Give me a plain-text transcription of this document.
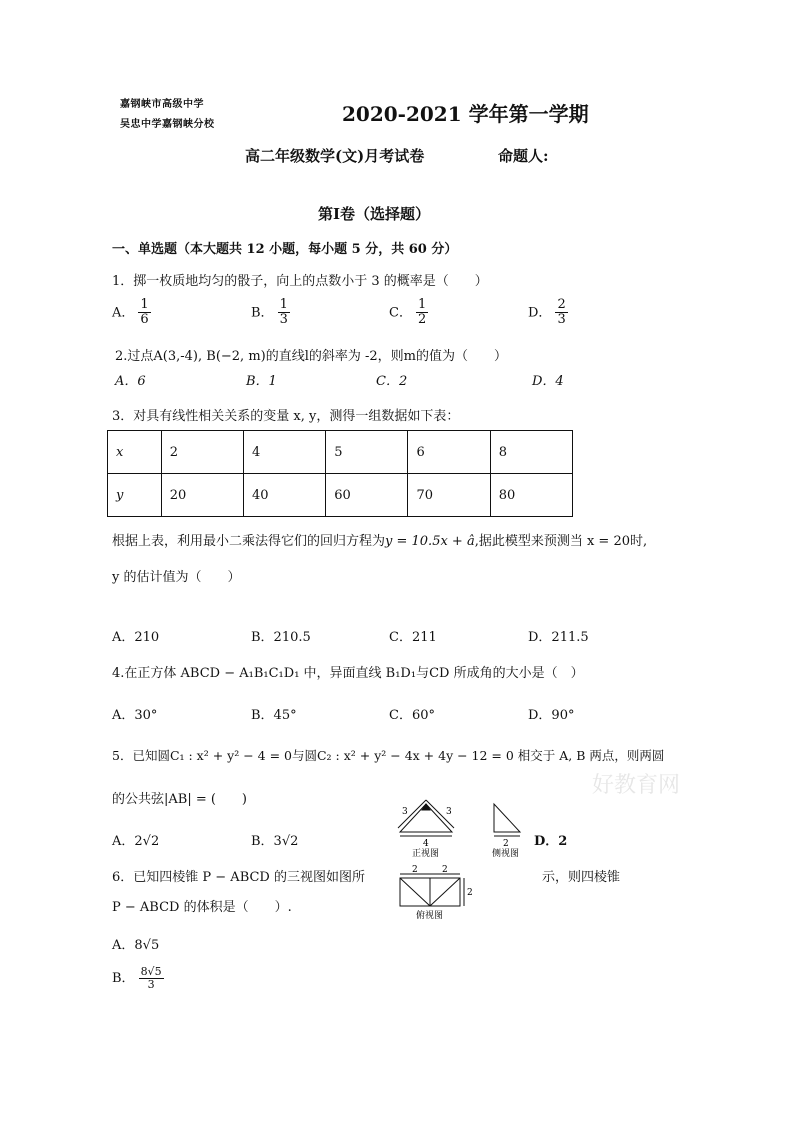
嘉钢峡市高级中学
吴忠中学嘉钢峡分校	2020-2021 学年第一学期
高二年级数学(文)月考试卷	命题人:
第Ⅰ卷（选择题）
一、单选题（本大题共 12 小题，每小题 5 分，共 60 分）
1．掷一枚质地均匀的骰子，向上的点数小于 3 的概率是（　　）
A． $\frac{1}{6}$	B． $\frac{1}{3}$	C． $\frac{1}{2}$	D． $\frac{2}{3}$
2.过点A(3,-4), B(−2, m)的直线l的斜率为 -2，则m的值为（　　）
A．6	B．1	C．2	D．4
3．对具有线性相关关系的变量 x, y，测得一组数据如下表：
x	2	4	5	6	8
y	20	40	60	70	80
根据上表，利用最小二乘法得它们的回归方程为y = 10.5x + â,据此模型来预测当 x = 20时,
y 的估计值为（　　）
A．210	B．210.5	C．211	D．211.5
4.在正方体 ABCD − A₁B₁C₁D₁ 中，异面直线 B₁D₁与CD 所成角的大小是（　）
A．30°	B．45°	C．60°	D．90°
5．已知圆C₁ : x² + y² − 4 = 0与圆C₂ : x² + y² − 4x + 4y − 12 = 0 相交于 A, B 两点，则两圆
好教育网
的公共弦|AB| = (　　)
A．2√2	B．3√2	D．2
3	3
4
正视图
2
侧视图
2	2
2
俯视图
6．已知四棱锥 P − ABCD 的三视图如图所	示，则四棱锥
P − ABCD 的体积是（　　）.
A．8√5
B． $\frac{8√5}{3}$
